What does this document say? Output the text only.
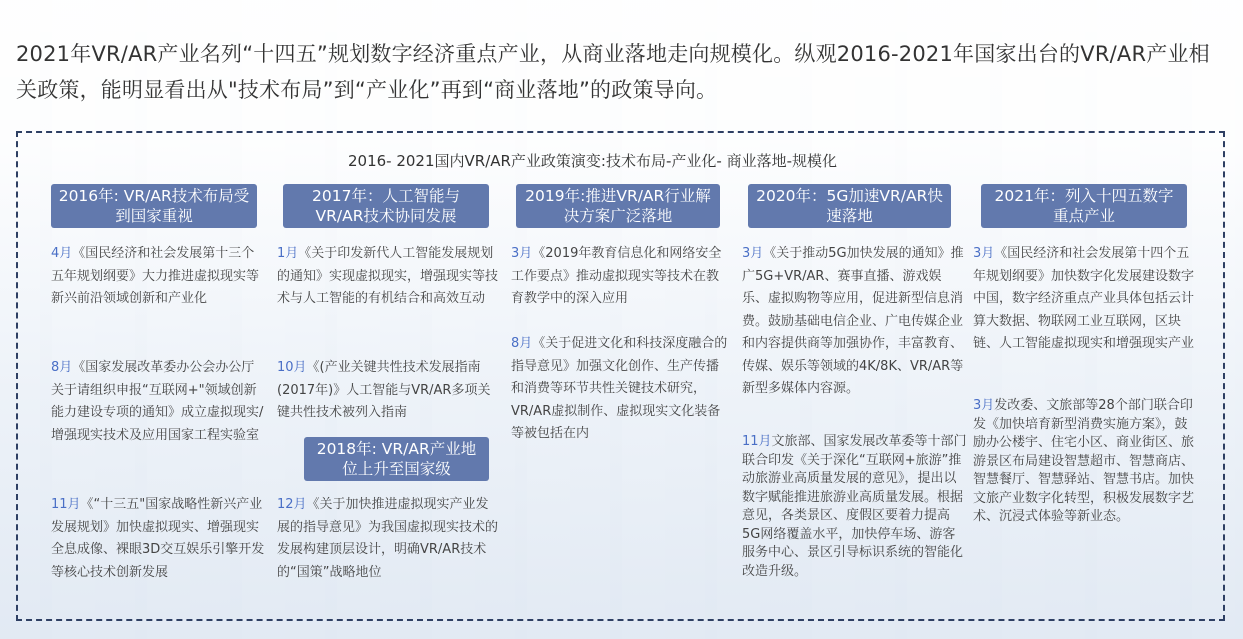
2021年VR/AR产业名列“十四五”规划数字经济重点产业，从商业落地走向规模化。纵观2016-2021年国家出台的VR/AR产业相关政策，能明显看出从"技术布局”到“产业化”再到“商业落地”的政策导向。
2016- 2021国内VR/AR产业政策演变:技术布局-产业化- 商业落地-规模化
2016年: VR/AR技术布局受到国家重视
4月《国民经济和社会发展第十三个五年规划纲要》大力推进虚拟现实等新兴前沿领域创新和产业化
8月《国家发展改革委办公会办公厅关于请组织申报“互联网+"领域创新能力建设专项的通知》成立虚拟现实/增强现实技术及应用国家工程实验室
11月《“十三五"国家战略性新兴产业发展规划》加快虚拟现实、增强现实全息成像、裸眼3D交互娱乐引擎开发等核心技术创新发展
2017年：人工智能与VR/AR技术协同发展
1月《关于印发新代人工智能发展规划的通知》实现虚拟现实，增强现实等技术与人工智能的有机结合和高效互动
10月《(产业关键共性技术发展指南(2017年)》人工智能与VR/AR多项关键共性技术被列入指南
2018年: VR/AR产业地位上升至国家级
12月《关于加快推进虚拟现实产业发展的指导意见》为我国虚拟现实技术的发展构建顶层设计，明确VR/AR技术的“国策”战略地位
2019年:推进VR/AR行业解决方案广泛落地
3月《2019年教育信息化和网络安全工作要点》推动虚拟现实等技术在教育教学中的深入应用
8月《关于促进文化和科技深度融合的指导意见》加强文化创作、生产传播和消费等环节共性关键技术研究，VR/AR虚拟制作、虚拟现实文化装备等被包括在内
2020年：5G加速VR/AR快速落地
3月《关于推动5G加快发展的通知》推广5G+VR/AR、赛事直播、游戏娱乐、虚拟购物等应用，促进新型信息消费。鼓励基础电信企业、广电传媒企业和内容提供商等加强协作，丰富教育、传媒、娱乐等领域的4K/8K、VR/AR等新型多媒体内容源。
11月文旅部、国家发展改革委等十部门联合印发《关于深化“互联网+旅游”推动旅游业高质量发展的意见》，提出以数字赋能推进旅游业高质量发展。根据意见，各类景区、度假区要着力提高5G网络覆盖水平，加快停车场、游客服务中心、景区引导标识系统的智能化改造升级。
2021年：列入十四五数字重点产业
3月《国民经济和社会发展第十四个五年规划纲要》加快数字化发展建设数字中国，数字经济重点产业具体包括云计算大数据、物联网工业互联网，区块链、人工智能虚拟现实和增强现实产业
3月发改委、文旅部等28个部门联合印发《加快培育新型消费实施方案》，鼓励办公楼宇、住宅小区、商业街区、旅游景区布局建设智慧超市、智慧商店、智慧餐厅、智慧驿站、智慧书店。加快文旅产业数字化转型，积极发展数字艺术、沉浸式体验等新业态。
